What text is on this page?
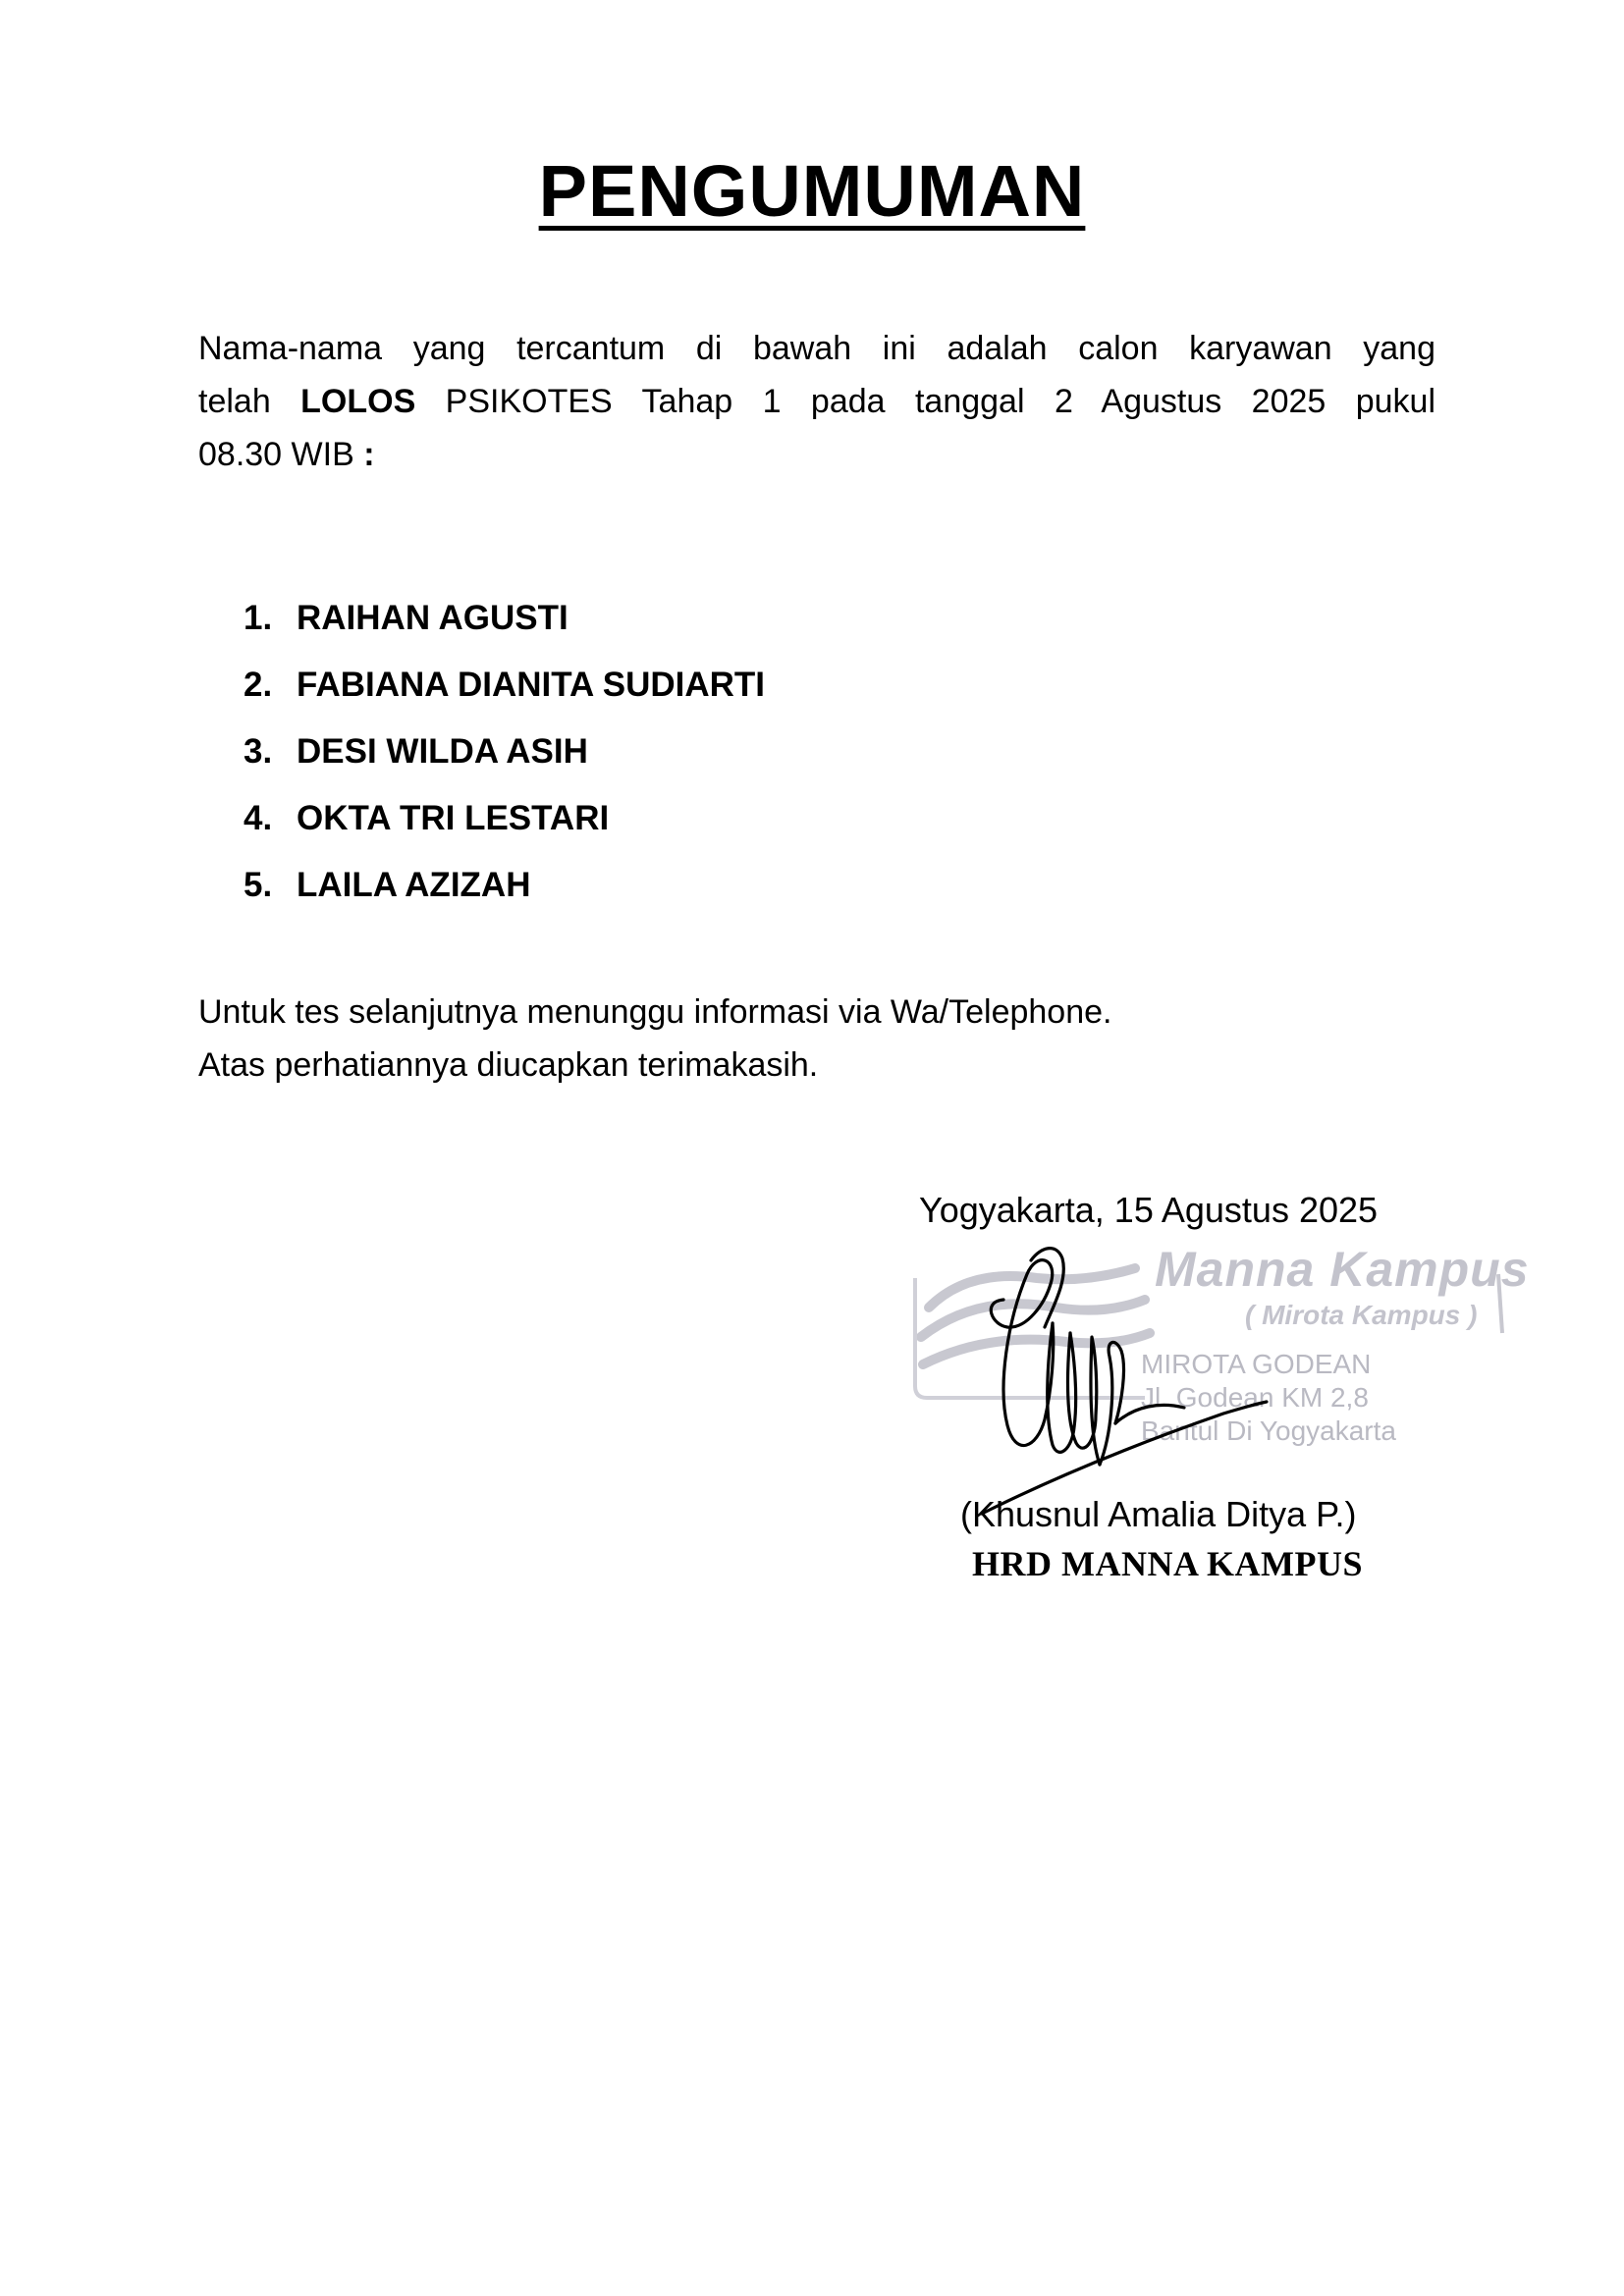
PENGUMUMAN
Nama-nama yang tercantum di bawah ini adalah calon karyawan yang
telah LOLOS PSIKOTES Tahap 1 pada tanggal 2 Agustus 2025 pukul
08.30 WIB :
1. RAIHAN AGUSTI
2. FABIANA DIANITA SUDIARTI
3. DESI WILDA ASIH
4. OKTA TRI LESTARI
5. LAILA AZIZAH
Untuk tes selanjutnya menunggu informasi via Wa/Telephone.
Atas perhatiannya diucapkan terimakasih.
Yogyakarta, 15 Agustus 2025
Manna Kampus
( Mirota Kampus )
MIROTA GODEAN
Jl. Godean KM 2,8
Bantul Di Yogyakarta
(Khusnul Amalia Ditya P.)
HRD MANNA KAMPUS
